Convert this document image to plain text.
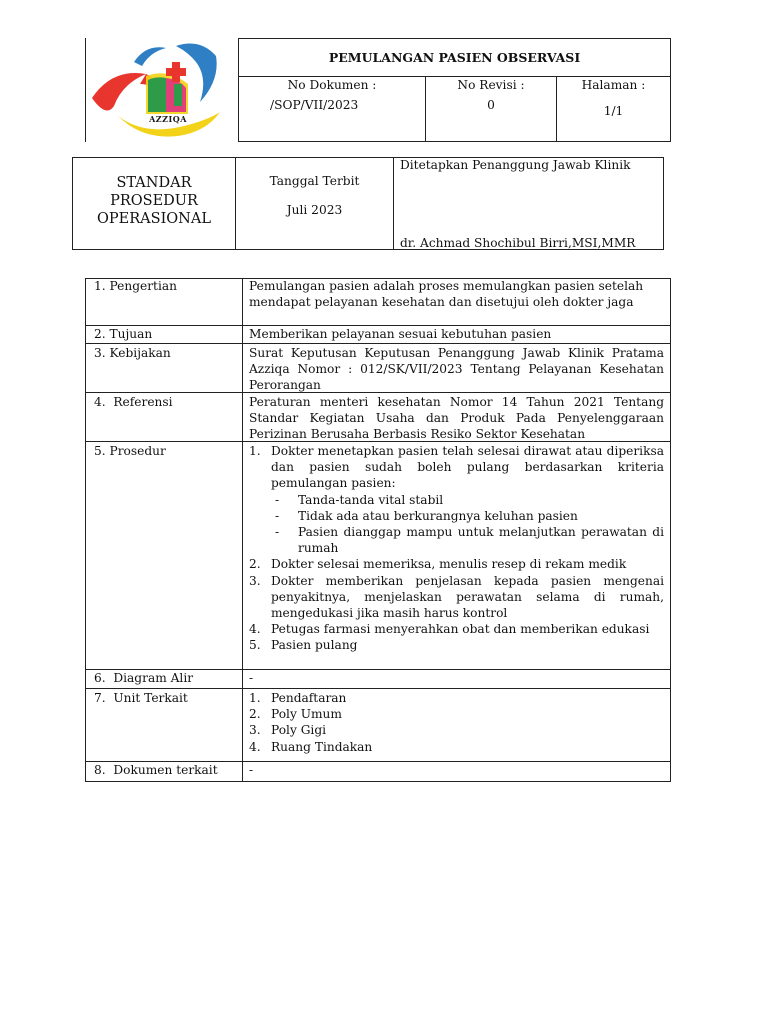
AZZIQA
PEMULANGAN PASIEN OBSERVASI
No Dokumen :
/SOP/VII/2023
No Revisi :
0
Halaman :
1/1
STANDAR
PROSEDUR
OPERASIONAL
Tanggal Terbit
Juli 2023
Ditetapkan Penanggung Jawab Klinik
dr. Achmad Shochibul Birri,MSI,MMR
1. Pengertian	Pemulangan pasien adalah proses memulangkan pasien setelah mendapat pelayanan kesehatan dan disetujui oleh dokter jaga
2. Tujuan	Memberikan pelayanan sesuai kebutuhan pasien
3. Kebijakan	Surat Keputusan Keputusan Penanggung Jawab Klinik Pratama Azziqa Nomor : 012/SK/VII/2023 Tentang Pelayanan Kesehatan Perorangan
4.  Referensi	Peraturan menteri kesehatan Nomor 14 Tahun 2021 Tentang Standar Kegiatan Usaha dan Produk Pada Penyelenggaraan Perizinan Berusaha Berbasis Resiko Sektor Kesehatan
5. Prosedur	1. Dokter menetapkan pasien telah selesai dirawat atau diperiksa dan pasien sudah boleh pulang berdasarkan kriteria pemulangan pasien:
- Tanda-tanda vital stabil
- Tidak ada atau berkurangnya keluhan pasien
- Pasien dianggap mampu untuk melanjutkan perawatan di rumah
2. Dokter selesai memeriksa, menulis resep di rekam medik
3. Dokter memberikan penjelasan kepada pasien mengenai penyakitnya, menjelaskan perawatan selama di rumah, mengedukasi jika masih harus kontrol
4. Petugas farmasi menyerahkan obat dan memberikan edukasi
5. Pasien pulang
6.  Diagram Alir	-
7.  Unit Terkait	1. Pendaftaran
2. Poly Umum
3. Poly Gigi
4. Ruang Tindakan
8.  Dokumen terkait	-
